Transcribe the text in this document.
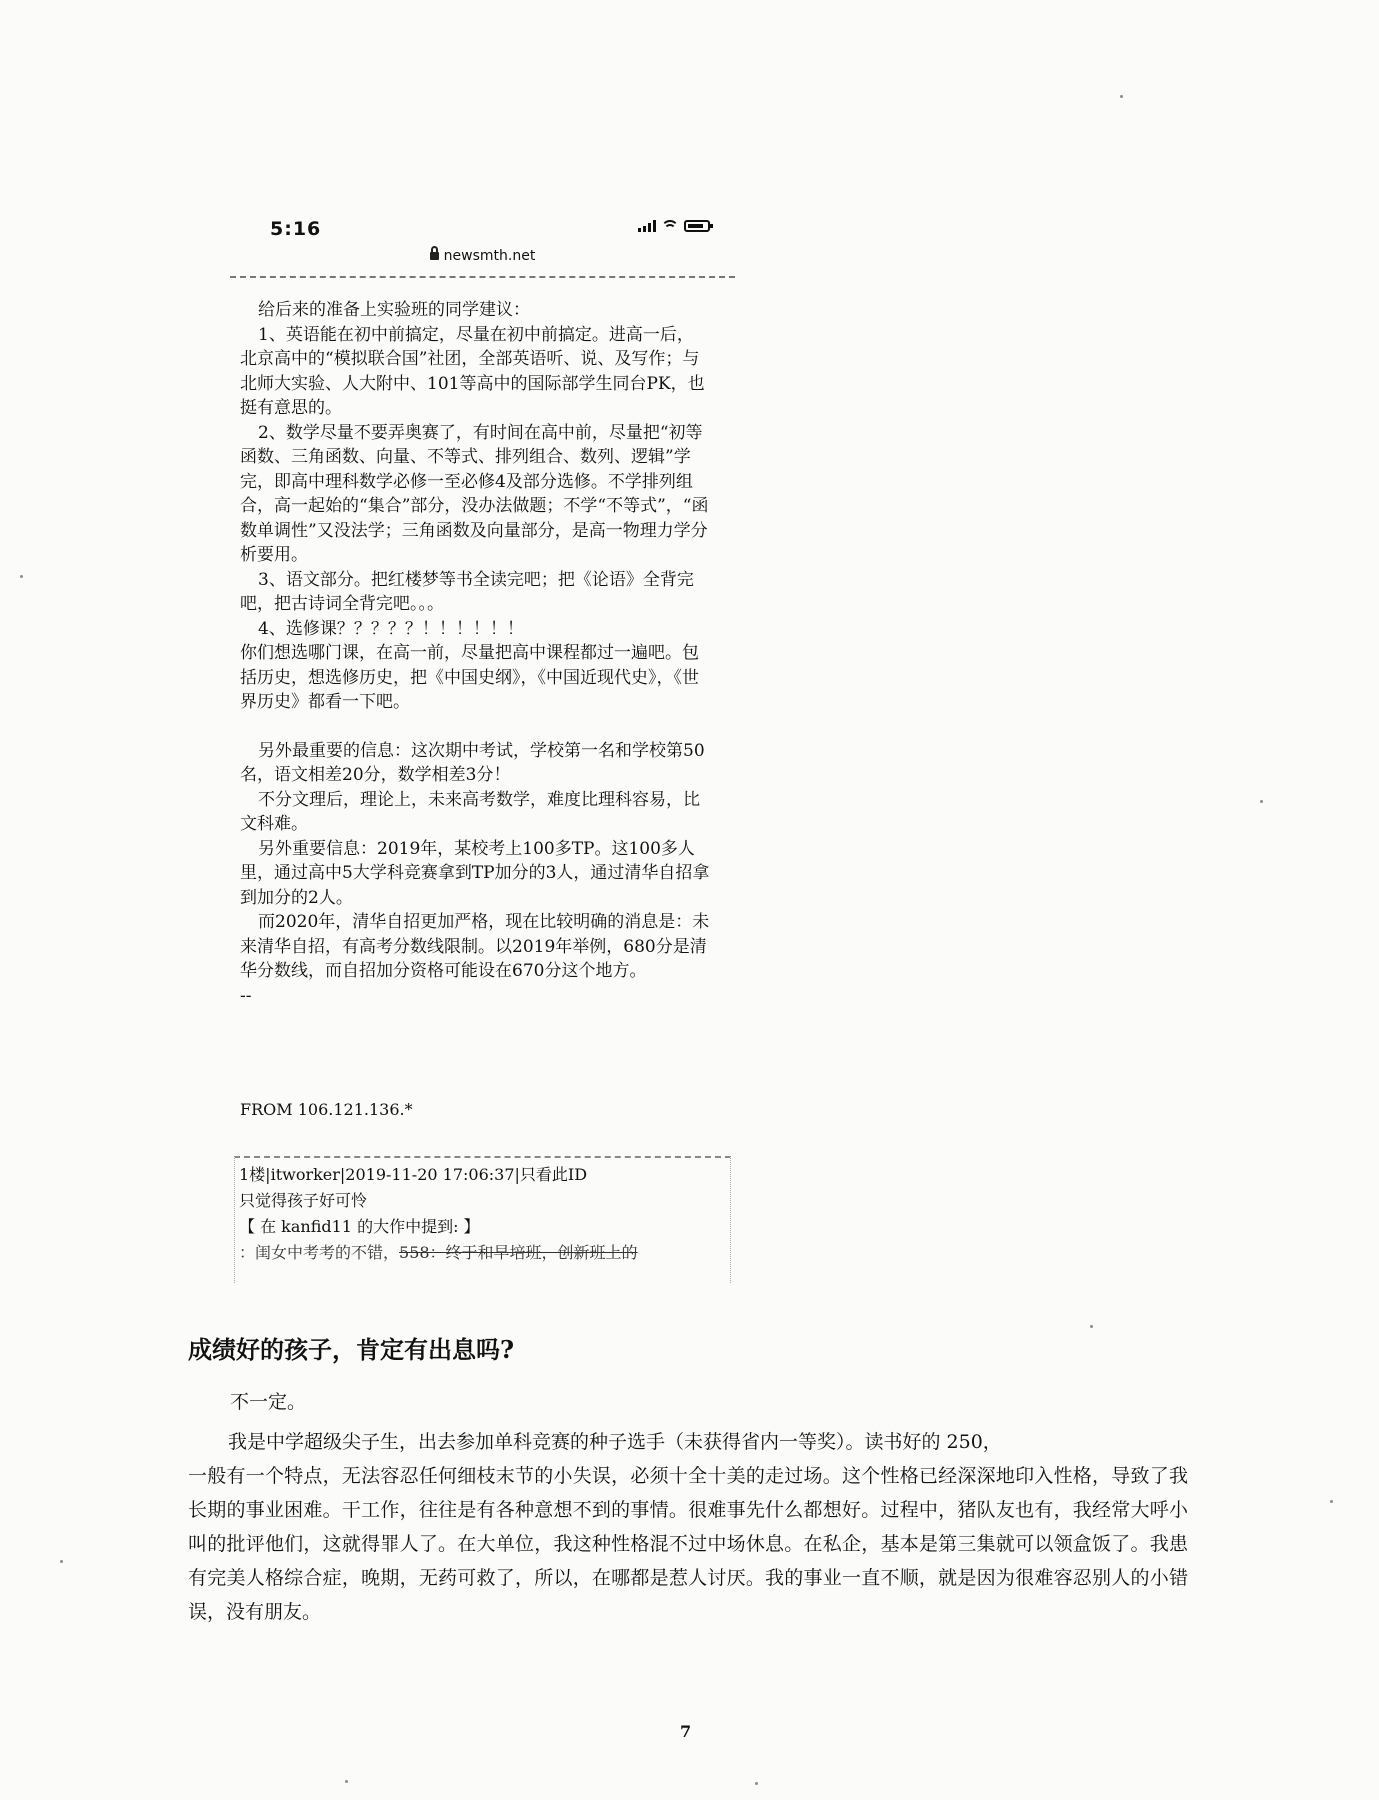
5:16
newsmth.net

给后来的准备上实验班的同学建议：

1、英语能在初中前搞定，尽量在初中前搞定。进高一后，北京高中的“模拟联合国”社团，全部英语听、说、及写作；与北师大实验、人大附中、101等高中的国际部学生同台PK，也挺有意思的。

2、数学尽量不要弄奥赛了，有时间在高中前，尽量把“初等函数、三角函数、向量、不等式、排列组合、数列、逻辑”学完，即高中理科数学必修一至必修4及部分选修。不学排列组合，高一起始的“集合”部分，没办法做题；不学“不等式”，“函数单调性”又没法学；三角函数及向量部分，是高一物理力学分析要用。

3、语文部分。把红楼梦等书全读完吧；把《论语》全背完吧，把古诗词全背完吧。。。

4、选修课？？？？？！！！！！！

你们想选哪门课，在高一前，尽量把高中课程都过一遍吧。包括历史，想选修历史，把《中国史纲》，《中国近现代史》，《世界历史》都看一下吧。

另外最重要的信息：这次期中考试，学校第一名和学校第50名，语文相差20分，数学相差3分！

不分文理后，理论上，未来高考数学，难度比理科容易，比文科难。

另外重要信息：2019年，某校考上100多TP。这100多人里，通过高中5大学科竞赛拿到TP加分的3人，通过清华自招拿到加分的2人。

而2020年，清华自招更加严格，现在比较明确的消息是：未来清华自招，有高考分数线限制。以2019年举例，680分是清华分数线，而自招加分资格可能设在670分这个地方。

--

FROM 106.121.136.*
1楼|itworker|2019-11-20 17:06:37|只看此ID
只觉得孩子好可怜
【 在 kanfid11 的大作中提到: 】
：闺女中考考的不错，558：终于和早培班，创新班上的
成绩好的孩子，肯定有出息吗?

不一定。

我是中学超级尖子生，出去参加单科竞赛的种子选手（未获得省内一等奖）。读书好的 250，

一般有一个特点，无法容忍任何细枝末节的小失误，必须十全十美的走过场。这个性格已经深深地印入性格，导致了我长期的事业困难。干工作，往往是有各种意想不到的事情。很难事先什么都想好。过程中，猪队友也有，我经常大呼小叫的批评他们，这就得罪人了。在大单位，我这种性格混不过中场休息。在私企，基本是第三集就可以领盒饭了。我患有完美人格综合症，晚期，无药可救了，所以，在哪都是惹人讨厌。我的事业一直不顺，就是因为很难容忍别人的小错误，没有朋友。

7
